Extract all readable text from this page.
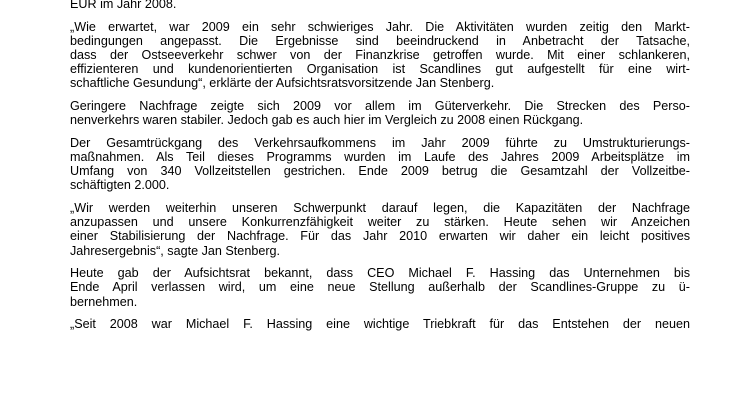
EUR im Jahr 2008.
„Wie erwartet, war 2009 ein sehr schwieriges Jahr. Die Aktivitäten wurden zeitig den Markt-
bedingungen angepasst. Die Ergebnisse sind beeindruckend in Anbetracht der Tatsache,
dass der Ostseeverkehr schwer von der Finanzkrise getroffen wurde. Mit einer schlankeren,
effizienteren und kundenorientierten Organisation ist Scandlines gut aufgestellt für eine wirt-
schaftliche Gesundung“, erklärte der Aufsichtsratsvorsitzende Jan Stenberg.
Geringere Nachfrage zeigte sich 2009 vor allem im Güterverkehr. Die Strecken des Perso-
nenverkehrs waren stabiler. Jedoch gab es auch hier im Vergleich zu 2008 einen Rückgang.
Der Gesamtrückgang des Verkehrsaufkommens im Jahr 2009 führte zu Umstrukturierungs-
maßnahmen. Als Teil dieses Programms wurden im Laufe des Jahres 2009 Arbeitsplätze im
Umfang von 340 Vollzeitstellen gestrichen. Ende 2009 betrug die Gesamtzahl der Vollzeitbe-
schäftigten 2.000.
„Wir werden weiterhin unseren Schwerpunkt darauf legen, die Kapazitäten der Nachfrage
anzupassen und unsere Konkurrenzfähigkeit weiter zu stärken. Heute sehen wir Anzeichen
einer Stabilisierung der Nachfrage. Für das Jahr 2010 erwarten wir daher ein leicht positives
Jahresergebnis“, sagte Jan Stenberg.
Heute gab der Aufsichtsrat bekannt, dass CEO Michael F. Hassing das Unternehmen bis
Ende April verlassen wird, um eine neue Stellung außerhalb der Scandlines-Gruppe zu ü-
bernehmen.
„Seit 2008 war Michael F. Hassing eine wichtige Triebkraft für das Entstehen der neuen
